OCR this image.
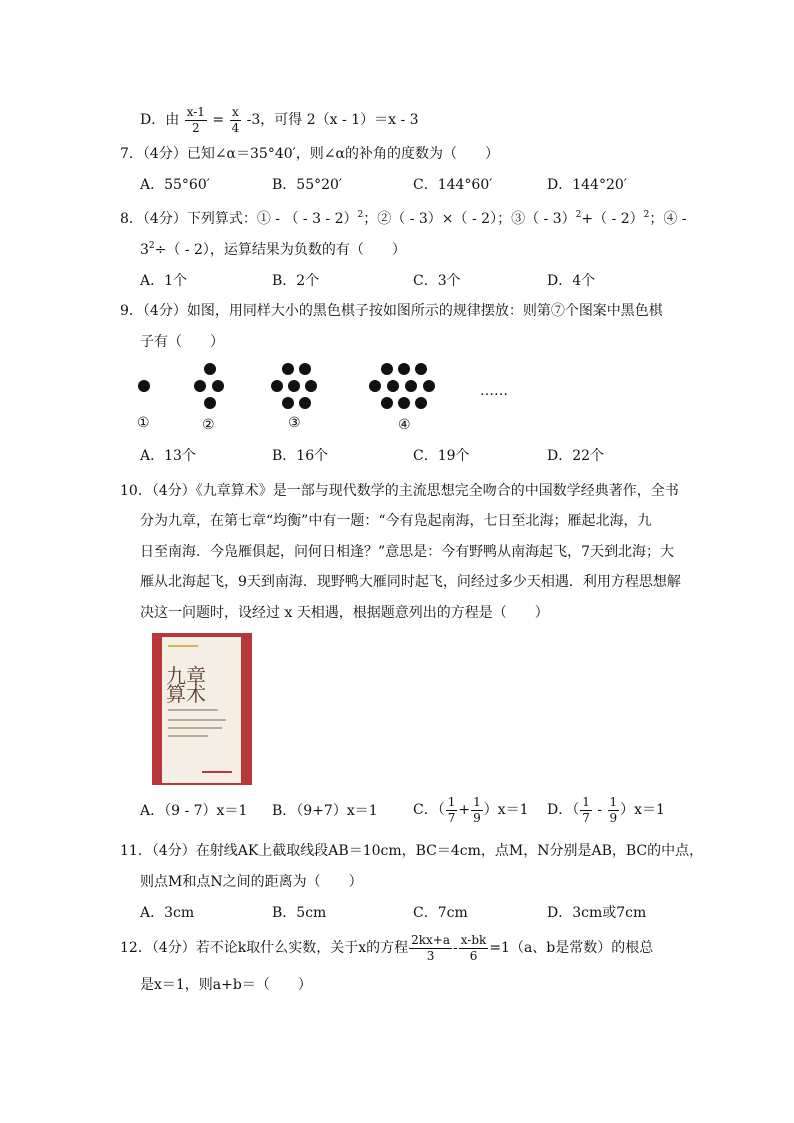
D．由 $\frac{x-1}{2} = \frac{x}{4} -3$，可得 2（x - 1）＝x - 3
7．（4分）已知∠α＝35°40′，则∠α的补角的度数为（　　）
A．55°60′	B．55°20′	C．144°60′	D．144°20′
8．（4分）下列算式：① - （ - 3 - 2）$^2$；②（ - 3）×（ - 2）；③（ - 3）$^2$+（ - 2）$^2$；④ -
$3^2\div( - 2)$，运算结果为负数的有（　　）
A．1个	B．2个	C．3个	D．4个
9．（4分）如图，用同样大小的黑色棋子按如图所示的规律摆放：则第⑦个图案中黑色棋
子有（　　）
……
①	②	③	④
A．13个	B．16个	C．19个	D．22个
10．（4分）《九章算术》是一部与现代数学的主流思想完全吻合的中国数学经典著作，全书
分为九章，在第七章“均衡”中有一题：“今有凫起南海，七日至北海；雁起北海，九
日至南海．今凫雁俱起，问何日相逢？”意思是：今有野鸭从南海起飞，7天到北海；大
雁从北海起飞，9天到南海．现野鸭大雁同时起飞，问经过多少天相遇．利用方程思想解
决这一问题时，设经过 x 天相遇，根据题意列出的方程是（　　）
九章算术
A．（9 - 7）x＝1 B．（9+7）x＝1	C．（ $\frac{1}{7} + \frac{1}{9} )x=1$ D．（ $\frac{1}{7} - \frac{1}{9} )x=1$
11．（4分）在射线AK上截取线段AB＝10cm，BC＝4cm，点M，N分别是AB，BC的中点，
则点M和点N之间的距离为（　　）
A．3cm	B．5cm	C．7cm	D．3cm或7cm
12．（4分）若不论k取什么实数，关于x的方程 $\frac{2kx+a}{3} - \frac{x-bk}{6} =1(a$、b是常数）的根总
是x＝1，则a+b＝（　　）
